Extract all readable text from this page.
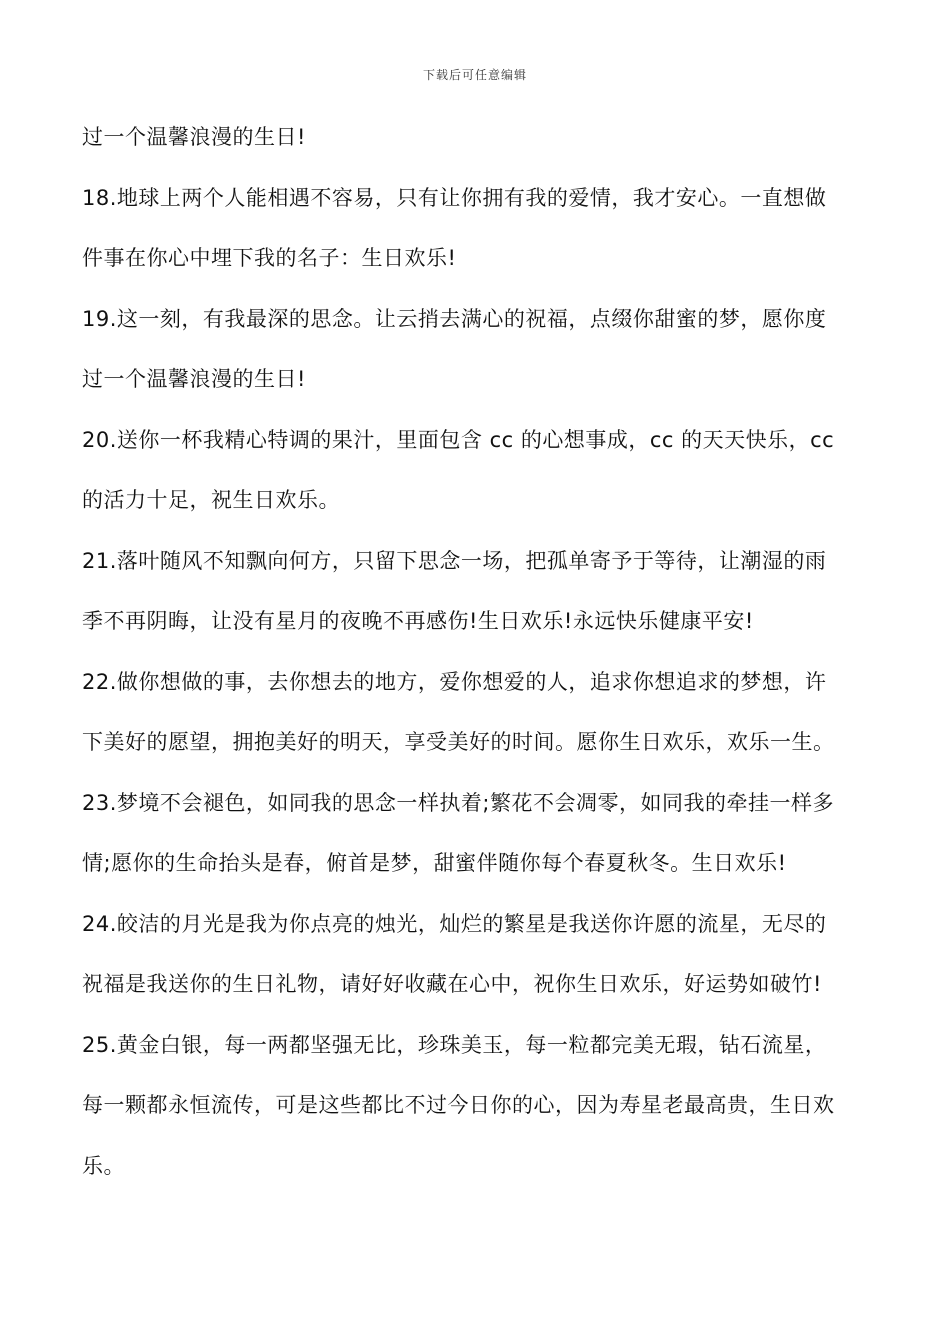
下载后可任意编辑
过一个温馨浪漫的生日!
18.地球上两个人能相遇不容易，只有让你拥有我的爱情，我才安心。一直想做
件事在你心中埋下我的名子：生日欢乐!
19.这一刻，有我最深的思念。让云捎去满心的祝福，点缀你甜蜜的梦，愿你度
过一个温馨浪漫的生日!
20.送你一杯我精心特调的果汁，里面包含 cc 的心想事成，cc 的天天快乐，cc
的活力十足，祝生日欢乐。
21.落叶随风不知飘向何方，只留下思念一场，把孤单寄予于等待，让潮湿的雨
季不再阴晦，让没有星月的夜晚不再感伤!生日欢乐!永远快乐健康平安!
22.做你想做的事，去你想去的地方，爱你想爱的人，追求你想追求的梦想，许
下美好的愿望，拥抱美好的明天，享受美好的时间。愿你生日欢乐，欢乐一生。
23.梦境不会褪色，如同我的思念一样执着;繁花不会凋零，如同我的牵挂一样多
情;愿你的生命抬头是春，俯首是梦，甜蜜伴随你每个春夏秋冬。生日欢乐!
24.皎洁的月光是我为你点亮的烛光，灿烂的繁星是我送你许愿的流星，无尽的
祝福是我送你的生日礼物，请好好收藏在心中，祝你生日欢乐，好运势如破竹!
25.黄金白银，每一两都坚强无比，珍珠美玉，每一粒都完美无瑕，钻石流星，
每一颗都永恒流传，可是这些都比不过今日你的心，因为寿星老最高贵，生日欢
乐。
